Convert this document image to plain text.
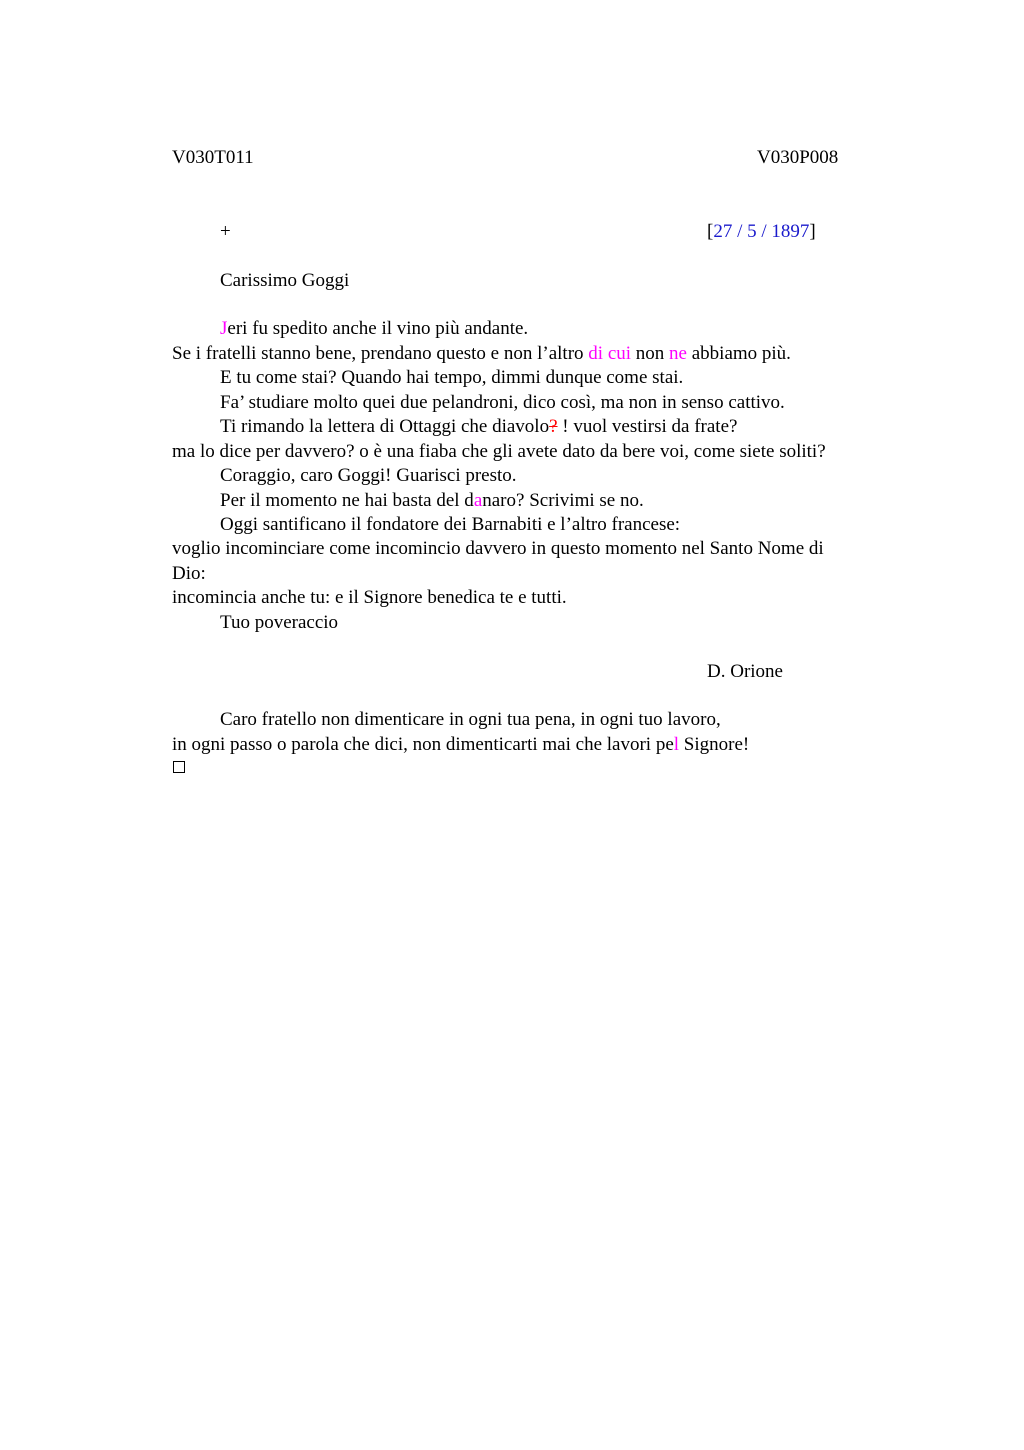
V030T011	V030P008
+	[27 / 5 / 1897]
Carissimo Goggi
Jeri fu spedito anche il vino più andante.
Se i fratelli stanno bene, prendano questo e non l’altro di cui non ne abbiamo più.
E tu come stai? Quando hai tempo, dimmi dunque come stai.
Fa’ studiare molto quei due pelandroni, dico così, ma non in senso cattivo.
Ti rimando la lettera di Ottaggi che diavolo? ! vuol vestirsi da frate?
ma lo dice per davvero? o è una fiaba che gli avete dato da bere voi, come siete soliti?
Coraggio, caro Goggi! Guarisci presto.
Per il momento ne hai basta del danaro? Scrivimi se no.
Oggi santificano il fondatore dei Barnabiti e l’altro francese:
voglio incominciare come incomincio davvero in questo momento nel Santo Nome di
Dio:
incomincia anche tu: e il Signore benedica te e tutti.
Tuo poveraccio
D. Orione
Caro fratello non dimenticare in ogni tua pena, in ogni tuo lavoro,
in ogni passo o parola che dici, non dimenticarti mai che lavori pel Signore!
